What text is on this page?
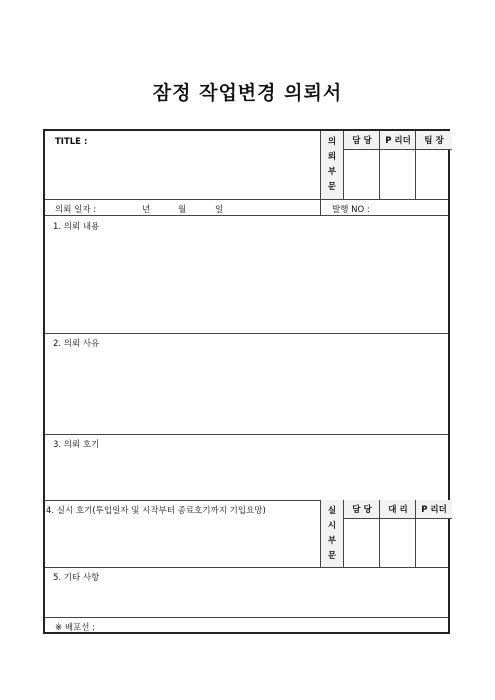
잠정 작업변경 의뢰서
TITLE :	의
뢰
부
문
담 당	P 리더	팀 장
의뢰 일자 :	년	월	일	발행 NO :
1. 의뢰 내용
2. 의뢰 사유
3. 의뢰 호기
4. 실시 호기(투입일자 및 시작부터 종료호기까지 기입요망)	실
시
부
문
담 당	대 리	P 리더
5. 기타 사항
※ 배포선 :
